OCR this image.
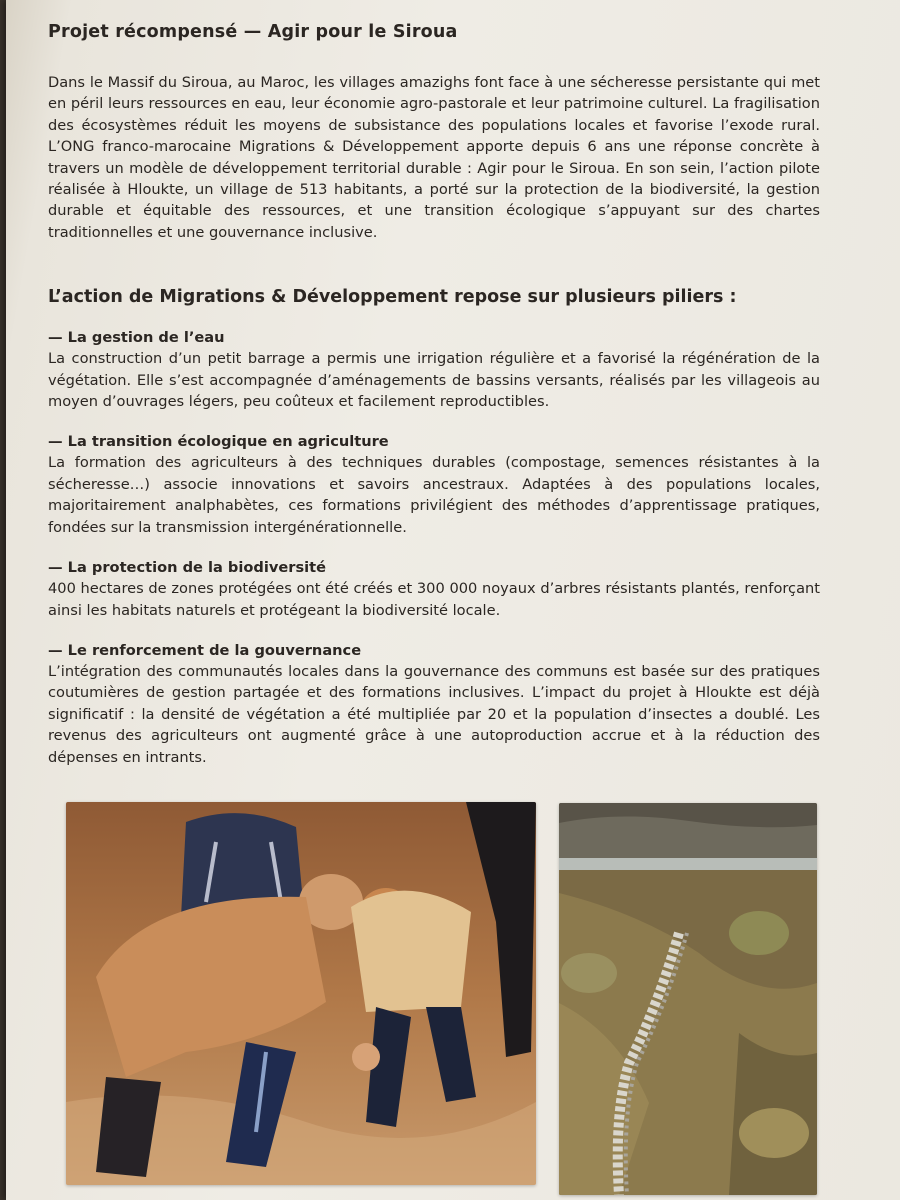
Projet récompensé — Agir pour le Siroua

Dans le Massif du Siroua, au Maroc, les villages amazighs font face à une sécheresse persistante qui met en péril leurs ressources en eau, leur économie agro-pastorale et leur patrimoine culturel. La fragilisation des écosystèmes réduit les moyens de subsistance des populations locales et favorise l’exode rural. L’ONG franco-marocaine Migrations & Développement apporte depuis 6 ans une réponse concrète à travers un modèle de développement territorial durable : Agir pour le Siroua. En son sein, l’action pilote réalisée à Hloukte, un village de 513 habitants, a porté sur la protection de la biodiversité, la gestion durable et équitable des ressources, et une transition écologique s’appuyant sur des chartes traditionnelles et une gouvernance inclusive.

L’action de Migrations & Développement repose sur plusieurs piliers :
— La gestion de l’eau
La construction d’un petit barrage a permis une irrigation régulière et a favorisé la régénération de la végétation. Elle s’est accompagnée d’aménagements de bassins versants, réalisés par les villageois au moyen d’ouvrages légers, peu coûteux et facilement reproductibles.
— La transition écologique en agriculture
La formation des agriculteurs à des techniques durables (compostage, semences résistantes à la sécheresse…) associe innovations et savoirs ancestraux. Adaptées à des populations locales, majoritairement analphabètes, ces formations privilégient des méthodes d’apprentissage pratiques, fondées sur la transmission intergénérationnelle.
— La protection de la biodiversité
400 hectares de zones protégées ont été créés et 300 000 noyaux d’arbres résistants plantés, renforçant ainsi les habitats naturels et protégeant la biodiversité locale.
— Le renforcement de la gouvernance
L’intégration des communautés locales dans la gouvernance des communs est basée sur des pratiques coutumières de gestion partagée et des formations inclusives. L’impact du projet à Hloukte est déjà significatif : la densité de végétation a été multipliée par 20 et la population d’insectes a doublé. Les revenus des agriculteurs ont augmenté grâce à une autoproduction accrue et à la réduction des dépenses en intrants.
